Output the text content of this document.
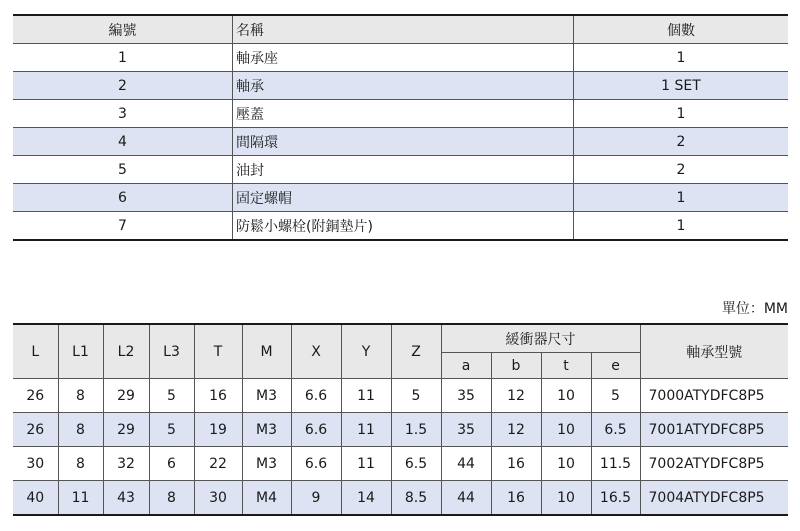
編號	名稱	個數
1	軸承座	1
2	軸承	1 SET
3	壓蓋	1
4	間隔環	2
5	油封	2
6	固定螺帽	1
7	防鬆小螺栓(附銅墊片)	1
單位：MM
L	L1	L2	L3	T	M	X	Y	Z	緩衝器尺寸				軸承型號
									a	b	t	e	
26	8	29	5	16	M3	6.6	11	5	35	12	10	5	7000ATYDFC8P5
26	8	29	5	19	M3	6.6	11	1.5	35	12	10	6.5	7001ATYDFC8P5
30	8	32	6	22	M3	6.6	11	6.5	44	16	10	11.5	7002ATYDFC8P5
40	11	43	8	30	M4	9	14	8.5	44	16	10	16.5	7004ATYDFC8P5
